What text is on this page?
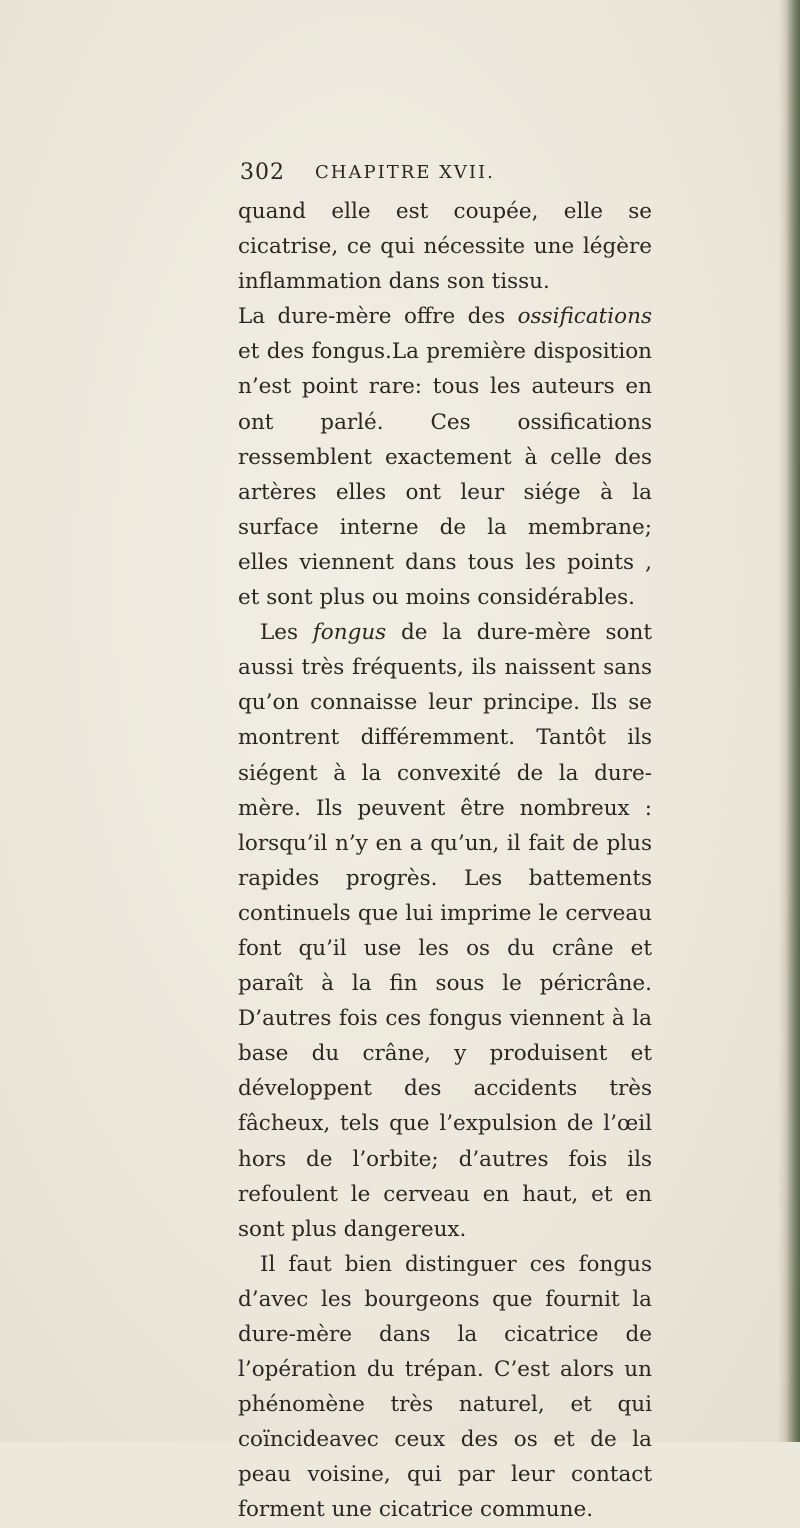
302 CHAPITRE XVII.

quand elle est coupée, elle se cicatrise, ce qui nécessite une légère inflammation dans son tissu.

La dure-mère offre des ossifications et des fongus.La première disposition n’est point rare: tous les auteurs en ont parlé. Ces ossifications ressemblent exactement à celle des artères elles ont leur siége à la surface interne de la membrane; elles viennent dans tous les points , et sont plus ou moins considérables.

Les fongus de la dure-mère sont aussi très fréquents, ils naissent sans qu’on connaisse leur principe. Ils se montrent différemment. Tantôt ils siégent à la convexité de la dure-mère. Ils peuvent être nombreux : lorsqu’il n’y en a qu’un, il fait de plus rapides progrès. Les battements continuels que lui imprime le cerveau font qu’il use les os du crâne et paraît à la fin sous le péricrâne. D’autres fois ces fongus viennent à la base du crâne, y produisent et développent des accidents très fâcheux, tels que l’expulsion de l’œil hors de l’orbite; d’autres fois ils refoulent le cerveau en haut, et en sont plus dangereux.

Il faut bien distinguer ces fongus d’avec les bourgeons que fournit la dure-mère dans la cicatrice de l’opération du trépan. C’est alors un phénomène très naturel, et qui coïncideavec ceux des os et de la peau voisine, qui par leur contact forment une cicatrice commune.
